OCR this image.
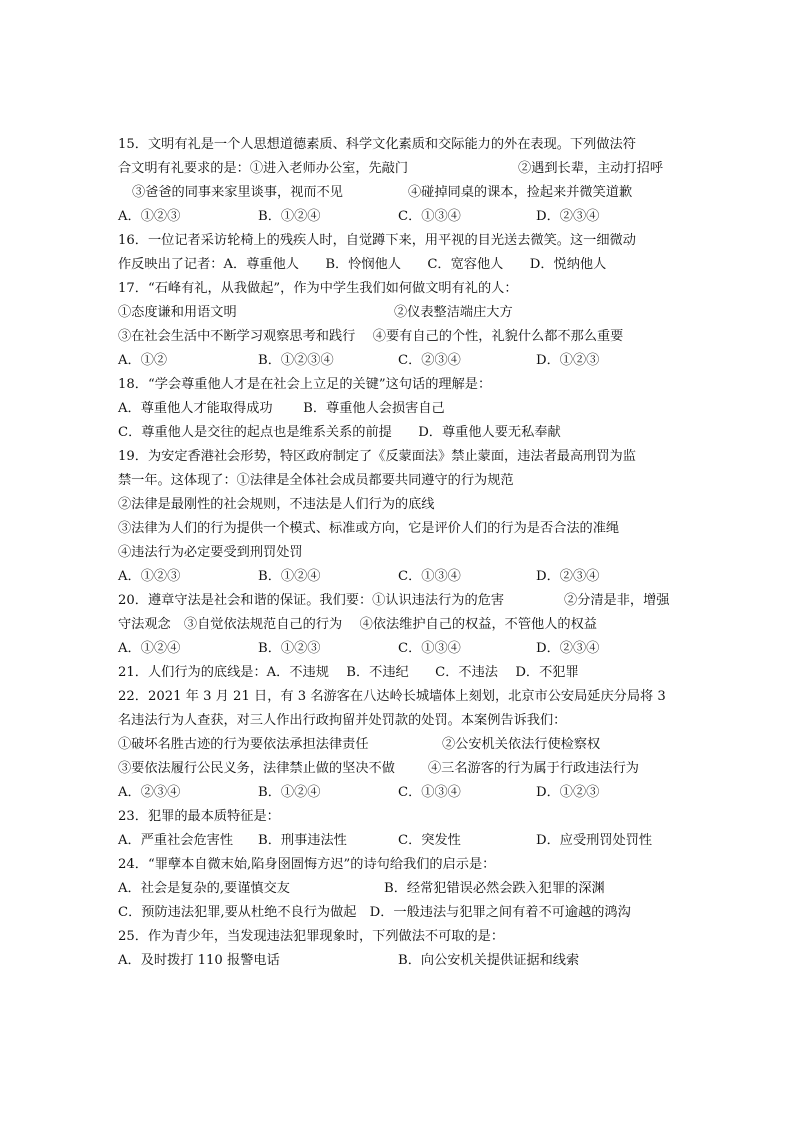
15．文明有礼是一个人思想道德素质、科学文化素质和交际能力的外在表现。下列做法符
合文明有礼要求的是：①进入老师办公室，先敲门	②遇到长辈，主动打招呼
③爸爸的同事来家里谈事，视而不见	④碰掉同桌的课本，捡起来并微笑道歉
A．①②③	B．①②④	C．①③④	D．②③④
16．一位记者采访轮椅上的残疾人时，自觉蹲下来，用平视的目光送去微笑。这一细微动
作反映出了记者：A．尊重他人　　B．怜悯他人　　C．宽容他人　　D．悦纳他人
17．“石峰有礼，从我做起”，作为中学生我们如何做文明有礼的人：
①态度谦和用语文明	②仪表整洁端庄大方
③在社会生活中不断学习观察思考和践行　 ④要有自己的个性，礼貌什么都不那么重要
A．①②	B．①②③④	C．②③④	D．①②③
18．“学会尊重他人才是在社会上立足的关键”这句话的理解是：
A．尊重他人才能取得成功　　 B．尊重他人会损害自己
C．尊重他人是交往的起点也是维系关系的前提　　D．尊重他人要无私奉献
19．为安定香港社会形势，特区政府制定了《反蒙面法》禁止蒙面，违法者最高刑罚为监
禁一年。这体现了：①法律是全体社会成员都要共同遵守的行为规范
②法律是最刚性的社会规则，不违法是人们行为的底线
③法律为人们的行为提供一个模式、标准或方向，它是评价人们的行为是否合法的准绳
④违法行为必定要受到刑罚处罚
A．①②③	B．①②④	C．①③④	D．②③④
20．遵章守法是社会和谐的保证。我们要：①认识违法行为的危害	②分清是非，增强
守法观念　③自觉依法规范自己的行为　 ④依法维护自己的权益，不管他人的权益
A．①②④	B．①②③	C．①③④	D．②③④
21．人们行为的底线是：A．不违规　 B．不违纪　　C．不违法　 D．不犯罪
22．2021 年 3 月 21 日，有 3 名游客在八达岭长城墙体上刻划，北京市公安局延庆分局将 3
名违法行为人查获，对三人作出行政拘留并处罚款的处罚。本案例告诉我们：
①破坏名胜古迹的行为要依法承担法律责任	②公安机关依法行使检察权
③要依法履行公民义务，法律禁止做的坚决不做	④三名游客的行为属于行政违法行为
A．②③④	B．①②④	C．①③④	D．①②③
23．犯罪的最本质特征是：
A．严重社会危害性 B．刑事违法性	C．突发性	D．应受刑罚处罚性
24．“罪孽本自微末始,陷身囹圄悔方迟”的诗句给我们的启示是：
A．社会是复杂的,要谨慎交友	B．经常犯错误必然会跌入犯罪的深渊
C．预防违法犯罪,要从杜绝不良行为做起　D．一般违法与犯罪之间有着不可逾越的鸿沟
25．作为青少年，当发现违法犯罪现象时，下列做法不可取的是：
A．及时拨打 110 报警电话	B．向公安机关提供证据和线索
